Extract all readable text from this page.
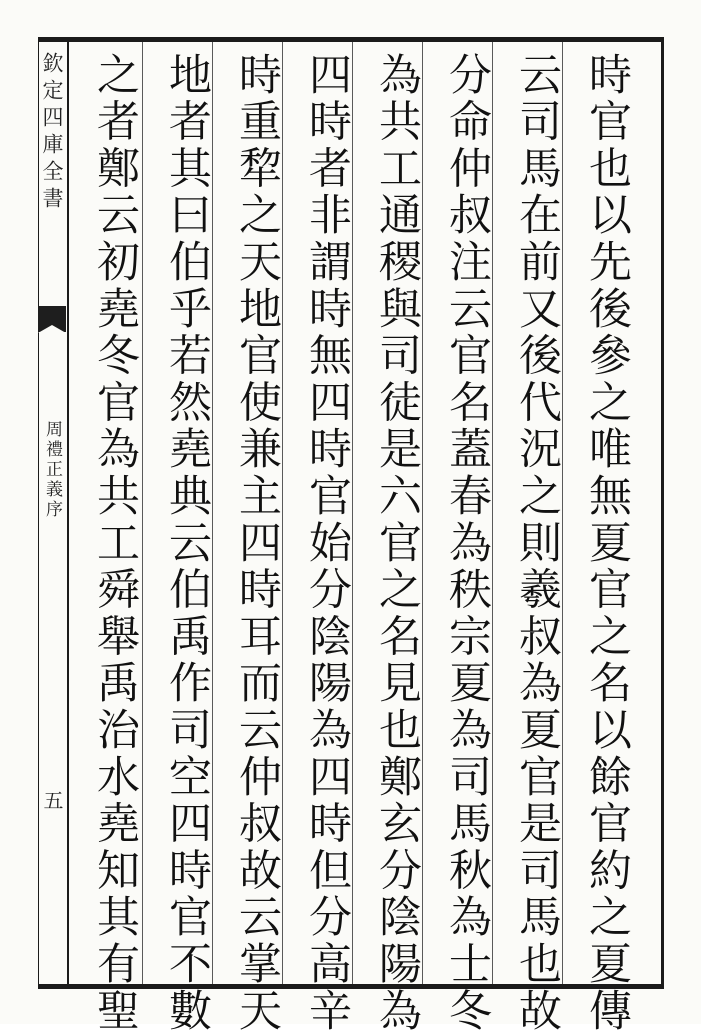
欽定四庫全書
周禮正義序
五	時官也以先後參之唯無夏官之名以餘官約之夏傳
云司馬在前又後代況之則羲叔為夏官是司馬也故
分命仲叔注云官名蓋春為秩宗夏為司馬秋為士冬
為共工通稷與司徒是六官之名見也鄭玄分陰陽為
四時者非謂時無四時官始分陰陽為四時但分高辛
時重犂之天地官使兼主四時耳而云仲叔故云掌天
地者其曰伯乎若然堯典云伯禹作司空四時官不數
之者鄭云初堯冬官為共工舜舉禹治水堯知其有聖
